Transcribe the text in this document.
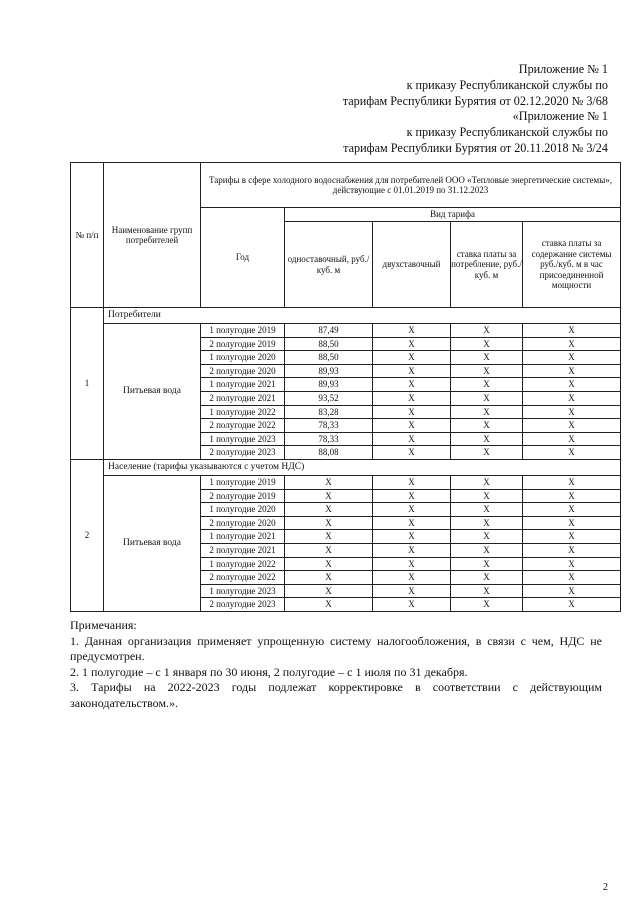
Приложение № 1
к приказу Республиканской службы по
тарифам Республики Бурятия от 02.12.2020 № 3/68
«Приложение № 1
к приказу Республиканской службы по
тарифам Республики Бурятия от 20.11.2018 № 3/24
№ п/п	Наименование групп потребителей	Тарифы в сфере холодного водоснабжения для потребителей ООО «Тепловые энергетические системы», действующие с 01.01.2019 по 31.12.2023				
		Год	Вид тарифа			
			одноставочный, руб./ куб. м	двухставочный	ставка платы за потребление, руб./ куб. м	ставка платы за содержание системы руб./куб. м в час присоединенной мощности
1	Потребители					
	Питьевая вода	1 полугодие 2019	87,49	X	X	X
		2 полугодие 2019	88,50	X	X	X
		1 полугодие 2020	88,50	X	X	X
		2 полугодие 2020	89,93	X	X	X
		1 полугодие 2021	89,93	X	X	X
		2 полугодие 2021	93,52	X	X	X
		1 полугодие 2022	83,28	X	X	X
		2 полугодие 2022	78,33	X	X	X
		1 полугодие 2023	78,33	X	X	X
		2 полугодие 2023	88,08	X	X	X
2	Население (тарифы указываются с учетом НДС)					
	Питьевая вода	1 полугодие 2019	X	X	X	X
		2 полугодие 2019	X	X	X	X
		1 полугодие 2020	X	X	X	X
		2 полугодие 2020	X	X	X	X
		1 полугодие 2021	X	X	X	X
		2 полугодие 2021	X	X	X	X
		1 полугодие 2022	X	X	X	X
		2 полугодие 2022	X	X	X	X
		1 полугодие 2023	X	X	X	X
		2 полугодие 2023	X	X	X	X
Примечания:
1. Данная организация применяет упрощенную систему налогообложения, в связи с чем, НДС не предусмотрен.
2. 1 полугодие – с 1 января по 30 июня, 2 полугодие – с 1 июля по 31 декабря.
3. Тарифы на 2022-2023 годы подлежат корректировке в соответствии с действующим законодательством.».
2
